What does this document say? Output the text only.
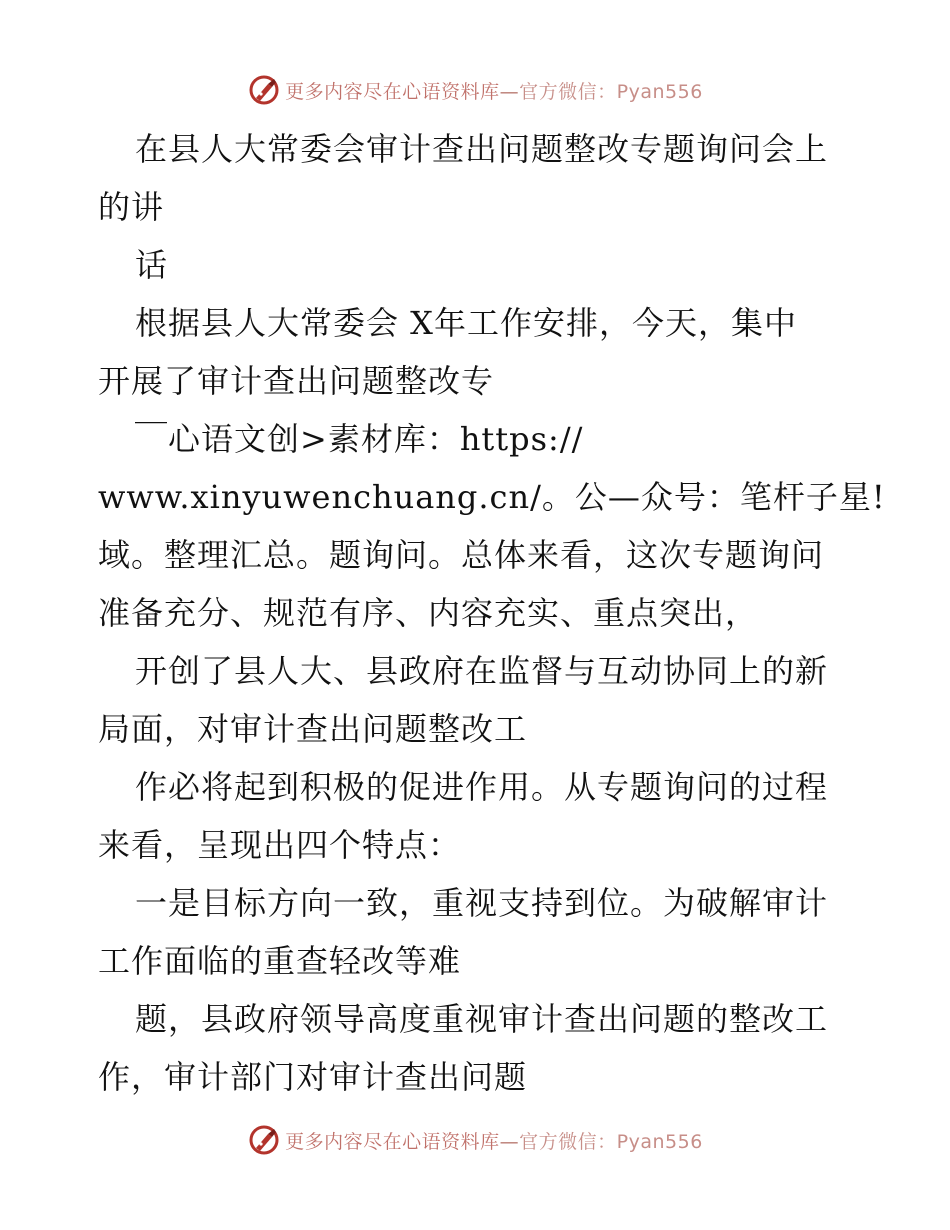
更多内容尽在心语资料库—官方微信：Pyan556
在县人大常委会审计查出问题整改专题询问会上
的讲
话
根据县人大常委会 X年工作安排，今天，集中
开展了审计查出问题整改专
￣心语文创>素材库：https://
www.xinyuwenchuang.cn/。公—众号：笔杆子星!
域。整理汇总。题询问。总体来看，这次专题询问
准备充分、规范有序、内容充实、重点突出，
开创了县人大、县政府在监督与互动协同上的新
局面，对审计查出问题整改工
作必将起到积极的促进作用。从专题询问的过程
来看，呈现出四个特点：
一是目标方向一致，重视支持到位。为破解审计
工作面临的重查轻改等难
题，县政府领导高度重视审计查出问题的整改工
作，审计部门对审计查出问题
更多内容尽在心语资料库—官方微信：Pyan556
